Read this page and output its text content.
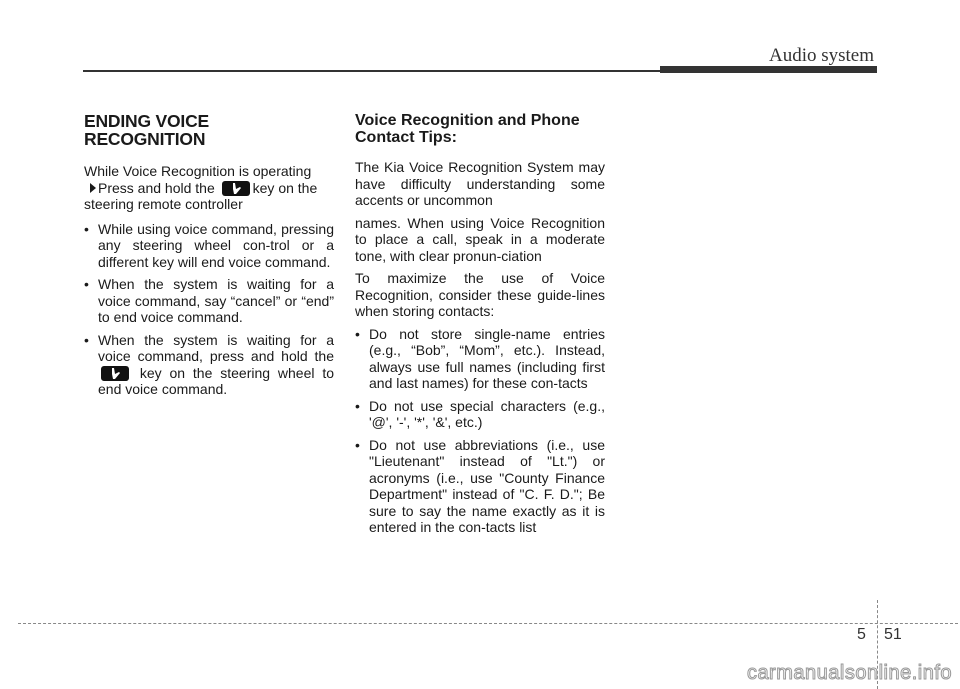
Audio system
ENDING VOICE
RECOGNITION
While Voice Recognition is operating
Press and hold the	key on the
steering remote controller
• While using voice command, pressing any steering wheel con-trol or a different key will end voice command.
• When the system is waiting for a voice command, say “cancel” or “end” to end voice command.
• When the system is waiting for a voice command, press and hold the
key on the steering wheel to end voice command.
Voice Recognition and Phone
Contact Tips:
The Kia Voice Recognition System may have difficulty understanding some accents or uncommon
names. When using Voice Recognition to place a call, speak in a moderate tone, with clear pronun-ciation
To maximize the use of Voice Recognition, consider these guide-lines when storing contacts:
• Do not store single-name entries (e.g., “Bob”, “Mom”, etc.). Instead, always use full names (including first and last names) for these con-tacts
• Do not use special characters (e.g., '@', '-', '*', '&', etc.)
• Do not use abbreviations (i.e., use "Lieutenant" instead of "Lt.") or acronyms (i.e., use "County Finance Department" instead of "C. F. D."; Be sure to say the name exactly as it is entered in the con-tacts list
5 51
carmanualsonline.info
